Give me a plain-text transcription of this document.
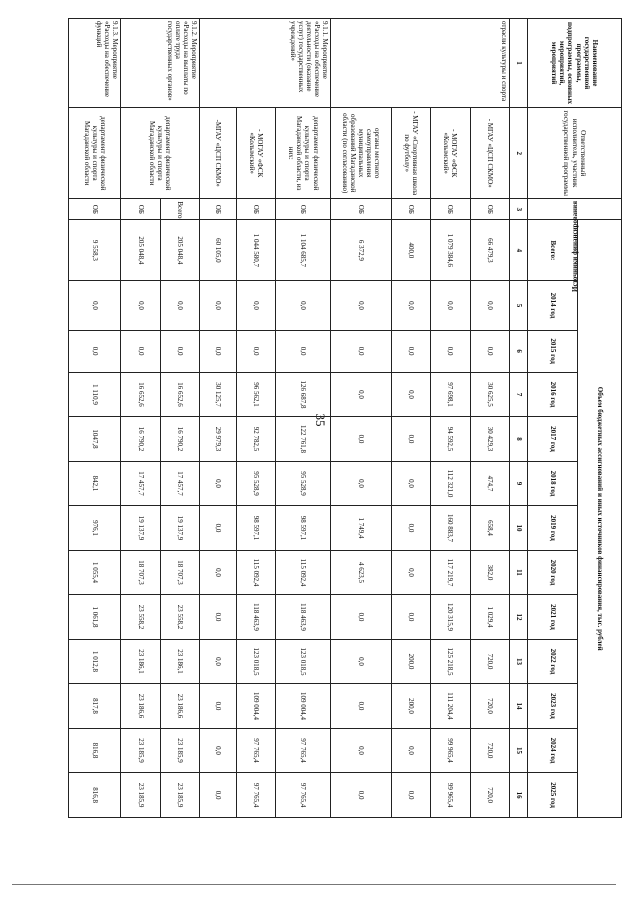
35
Наименование государственной программы, подпрограммы, основных мероприятий, мероприятий	Ответственный исполнитель, участник государственной программы	Источники финансирования	Объем бюджетных ассигнований и иных источников финансирования, тыс. рублей												
			Всего:	2014 год	2015 год	2016 год	2017 год	2018 год	2019 год	2020 год	2021 год	2022 год	2023 год	2024 год	2025 год
1	2	3	4	5	6	7	8	9	10	11	12	13	14	15	16
отрасли культуры и спорта	- МГАУ «ЦСП СКМО»	ОБ	66 479,3	0,0	0,0	30 625,5	30 429,3	474,7	658,4	382,0	1 029,4	720,0	720,0	720,0	720,0
	- МОГАУ «ФСК «Колымский»	ОБ	1 079 384,6	0,0	0,0	97 698,1	94 592,5	112 321,0	160 883,7	117 219,7	120 315,9	125 218,5	111 204,4	99 965,4	99 965,4
	- МГАУ «Спортивная школа по футболу»	ОБ	400,0	0,0	0,0	0,0	0,0	0,0	0,0	0,0	0,0	200,0	200,0	0,0	0,0
	органы местного самоуправления муниципальных образований Магаданской области (по согласованию)	ОБ	6 372,9	0,0	0,0	0,0	0,0	0,0	1 749,4	4 623,5	0,0	0,0	0,0	0,0	0,0
9.1.1. Мероприятие «Расходы на обеспечение деятельности (оказание услуг) государственных учреждений»	департамент физической культуры и спорта Магаданской области, из них:	ОБ	1 104 685,7	0,0	0,0	126 687,8	122 761,8	95 528,9	98 597,1	115 092,4	118 463,9	123 018,5	109 004,4	97 765,4	97 765,4
	- МОГАУ «ФСК «Колымский»	ОБ	1 044 580,7	0,0	0,0	96 562,1	92 782,5	95 528,9	98 597,1	115 092,4	118 463,9	123 018,5	109 004,4	97 765,4	97 765,4
	-МГАУ «ЦСП СКМО»	ОБ	60 105,0	0,0	0,0	30 125,7	29 979,3	0,0	0,0	0,0	0,0	0,0	0,0	0,0	0,0
9.1.2. Мероприятие «Расходы на выплаты по оплате труда государственных органов»	департамент физической культуры и спорта Магаданской области	Всего:	205 048,4	0,0	0,0	16 652,6	16 790,2	17 457,7	19 137,9	18 707,3	23 558,2	23 186,1	23 186,6	23 185,9	23 185,9
		ОБ	205 048,4	0,0	0,0	16 652,6	16 790,2	17 457,7	19 137,9	18 707,3	23 558,2	23 186,1	23 186,6	23 185,9	23 185,9
9.1.3. Мероприятие «Расходы на обеспечение функций	департамент физической культуры и спорта Магаданской области	ОБ	9 558,3	0,0	0,0	1 110,9	1047,8	842,1	976,1	1 055,4	1 061,8	1 012,8	817,8	816,8	816,8
